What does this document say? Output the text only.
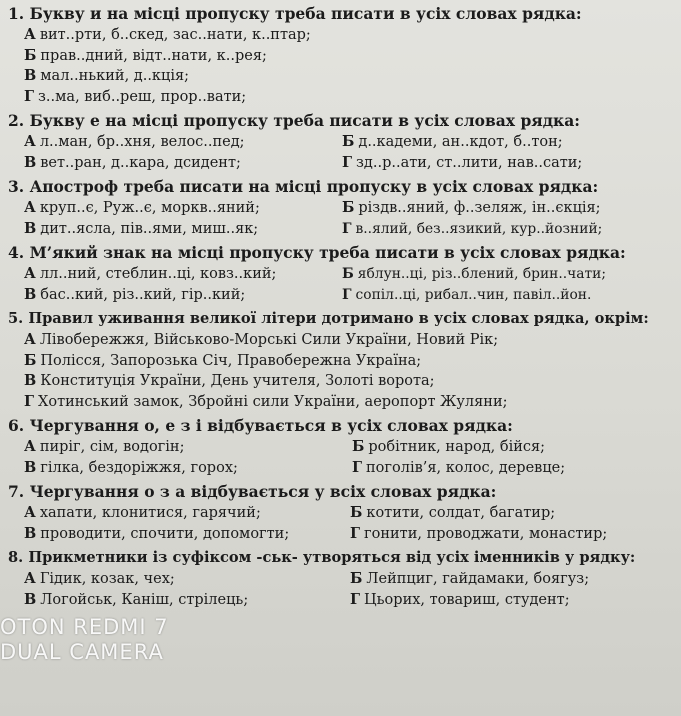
1. Букву и на місці пропуску треба писати в усіх словах рядка:
А вит..рти, б..скед, зас..нати, к..птар;
Б прав..дний, відт..нати, к..рея;
В мал..нький, д..кція;
Г з..ма, виб..реш, прор..вати;
2. Букву е на місці пропуску треба писати в усіх словах рядка:
А л..ман, бр..хня, велос..пед;	Б д..кадеми, ан..кдот, б..тон;
В вет..ран, д..кара, дсидент;	Г зд..р..ати, ст..лити, нав..сати;
3. Апостроф треба писати на місці пропуску в усіх словах рядка:
А круп..є, Руж..є, моркв..яний;	Б різдв..яний, ф..зеляж, ін..єкція;
В дит..ясла, пів..ями, миш..як;	Г в..ялий, без..язикий, кур..йозний;
4. М’який знак на місці пропуску треба писати в усіх словах рядка:
А лл..ний, стеблин..ці, ковз..кий;	Б яблун..ці, різ..блений, брин..чати;
В бас..кий, різ..кий, гір..кий;	Г сопіл..ці, рибал..чин, павіл..йон.
5. Правил уживання великої літери дотримано в усіх словах рядка, окрім:
А Лівобережжя, Військово-Морські Сили України, Новий Рік;
Б Полісся, Запорозька Січ, Правобережна Україна;
В Конституція України, День учителя, Золоті ворота;
Г Хотинський замок, Збройні сили України, аеропорт Жуляни;
6. Чергування о, е з і відбувається в усіх словах рядка:
А пиріг, сім, водогін;	Б робітник, народ, бійся;
В гілка, бездоріжжя, горох;	Г поголів’я, колос, деревце;
7. Чергування о з а відбувається у всіх словах рядка:
А хапати, клонитися, гарячий;	Б котити, солдат, багатир;
В проводити, спочити, допомогти;	Г гонити, проводжати, монастир;
8. Прикметники із суфіксом -ськ- утворяться від усіх іменників у рядку:
А Гідик, козак, чех;	Б Лейпциг, гайдамаки, боягуз;
В Логойськ, Каніш, стрілець;	Г Цьорих, товариш, студент;
OTON REDMI 7
DUAL CAMERA
